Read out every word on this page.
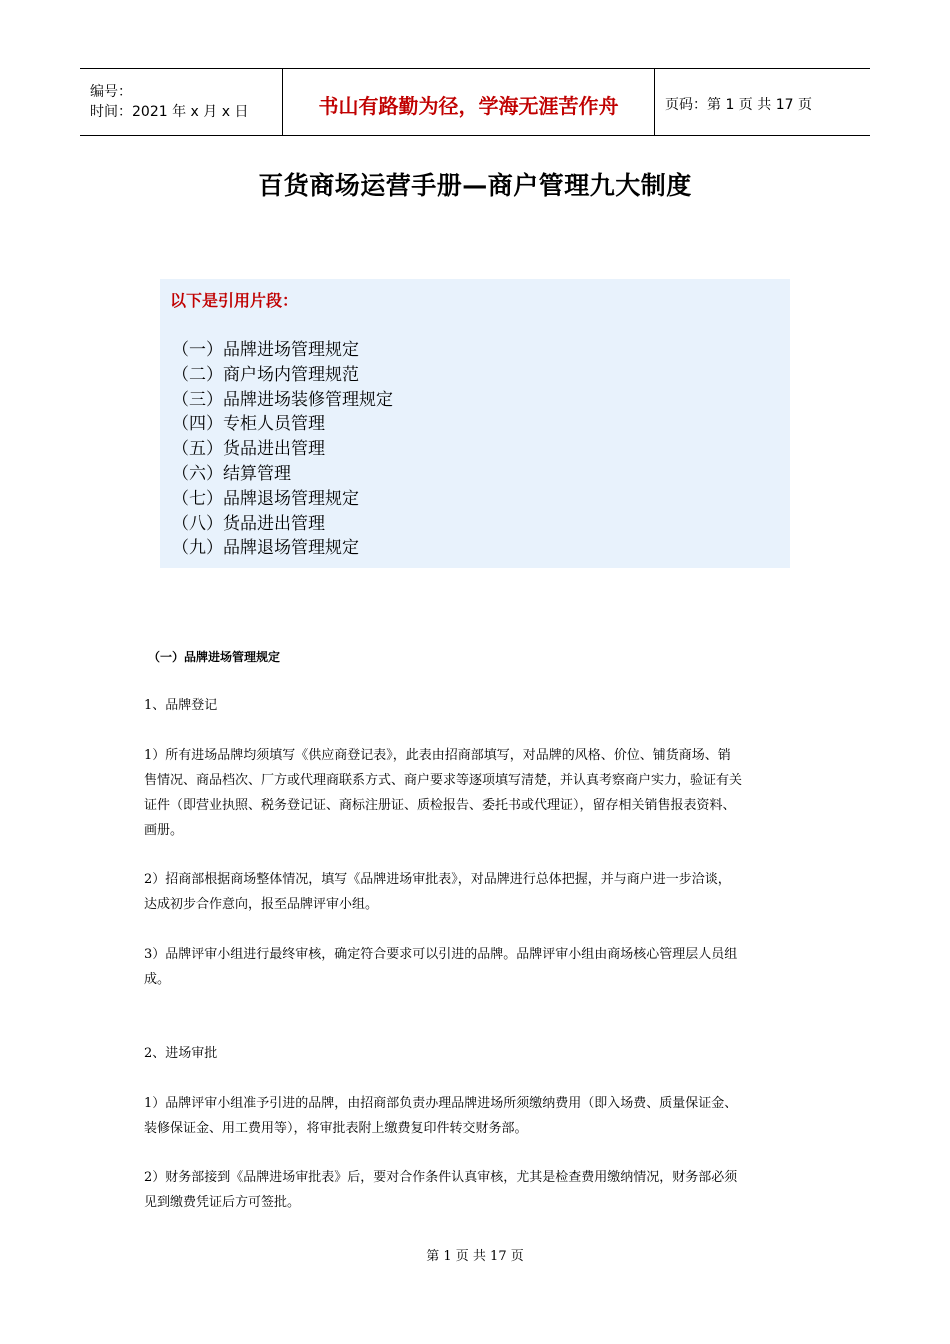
编号：
时间：2021 年 x 月 x 日	书山有路勤为径，学海无涯苦作舟	页码：第 1 页 共 17 页
百货商场运营手册—商户管理九大制度
以下是引用片段：
（一）品牌进场管理规定
（二）商户场内管理规范
（三）品牌进场装修管理规定
（四）专柜人员管理
（五）货品进出管理
（六）结算管理
（七）品牌退场管理规定
（八）货品进出管理
（九）品牌退场管理规定
（一）品牌进场管理规定

1、品牌登记

1）所有进场品牌均须填写《供应商登记表》，此表由招商部填写，对品牌的风格、价位、铺货商场、销
售情况、商品档次、厂方或代理商联系方式、商户要求等逐项填写清楚，并认真考察商户实力，验证有关
证件（即营业执照、税务登记证、商标注册证、质检报告、委托书或代理证），留存相关销售报表资料、
画册。
2）招商部根据商场整体情况，填写《品牌进场审批表》，对品牌进行总体把握，并与商户进一步洽谈，
达成初步合作意向，报至品牌评审小组。
3）品牌评审小组进行最终审核，确定符合要求可以引进的品牌。品牌评审小组由商场核心管理层人员组
成。

2、进场审批

1）品牌评审小组准予引进的品牌，由招商部负责办理品牌进场所须缴纳费用（即入场费、质量保证金、
装修保证金、用工费用等），将审批表附上缴费复印件转交财务部。
2）财务部接到《品牌进场审批表》后，要对合作条件认真审核，尤其是检查费用缴纳情况，财务部必须
见到缴费凭证后方可签批。
第 1 页 共 17 页
